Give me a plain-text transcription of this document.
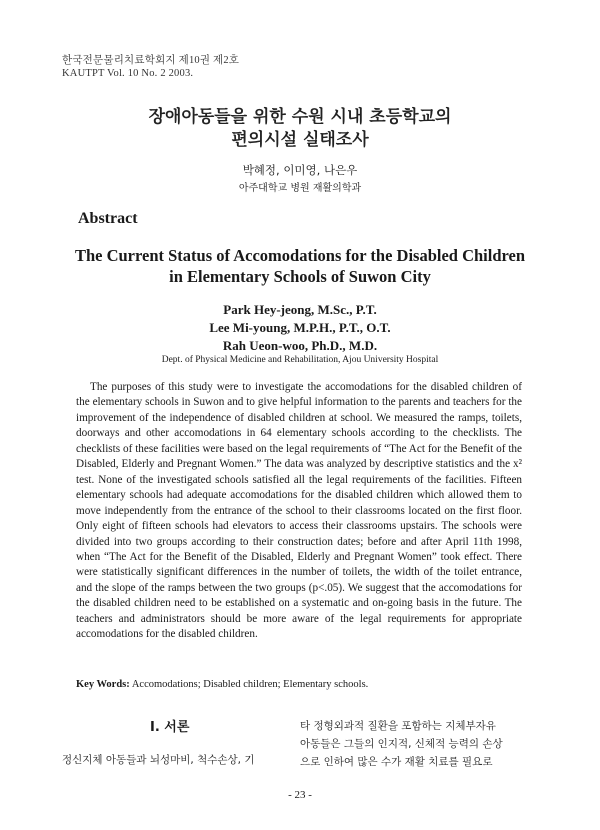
한국전문물리치료학회지 제10권 제2호
KAUTPT Vol. 10 No. 2 2003.
장애아동들을 위한 수원 시내 초등학교의
편의시설 실태조사
박혜정, 이미영, 나은우
아주대학교 병원 재활의학과
Abstract
The Current Status of Accomodations for the Disabled Children
in Elementary Schools of Suwon City
Park Hey-jeong, M.Sc., P.T.
Lee Mi-young, M.P.H., P.T., O.T.
Rah Ueon-woo, Ph.D., M.D.
Dept. of Physical Medicine and Rehabilitation, Ajou University Hospital

The purposes of this study were to investigate the accomodations for the disabled children of the elementary schools in Suwon and to give helpful information to the parents and teachers for the improvement of the independence of disabled children at school. We measured the ramps, toilets, doorways and other accomodations in 64 elementary schools according to the checklists. The checklists of these facilities were based on the legal requirements of “The Act for the Benefit of the Disabled, Elderly and Pregnant Women.” The data was analyzed by descriptive statistics and the x² test. None of the investigated schools satisfied all the legal requirements of the facilities. Fifteen elementary schools had adequate accomodations for the disabled children which allowed them to move independently from the entrance of the school to their classrooms located on the first floor. Only eight of fifteen schools had elevators to access their classrooms upstairs. The schools were divided into two groups according to their construction dates; before and after April 11th 1998, when “The Act for the Benefit of the Disabled, Elderly and Pregnant Women” took effect. There were statistically significant differences in the number of toilets, the width of the toilet entrance, and the slope of the ramps between the two groups (p<.05). We suggest that the accomodations for the disabled children need to be established on a systematic and on-going basis in the future. The teachers and administrators should be more aware of the legal requirements for appropriate accomodations for the disabled children.

Key Words: Accomodations; Disabled children; Elementary schools.
Ⅰ. 서론
정신지체 아동들과 뇌성마비, 척수손상, 기
타 정형외과적 질환을 포함하는 지체부자유
아동들은 그들의 인지적, 신체적 능력의 손상
으로 인하여 많은 수가 재활 치료를 필요로
- 23 -
